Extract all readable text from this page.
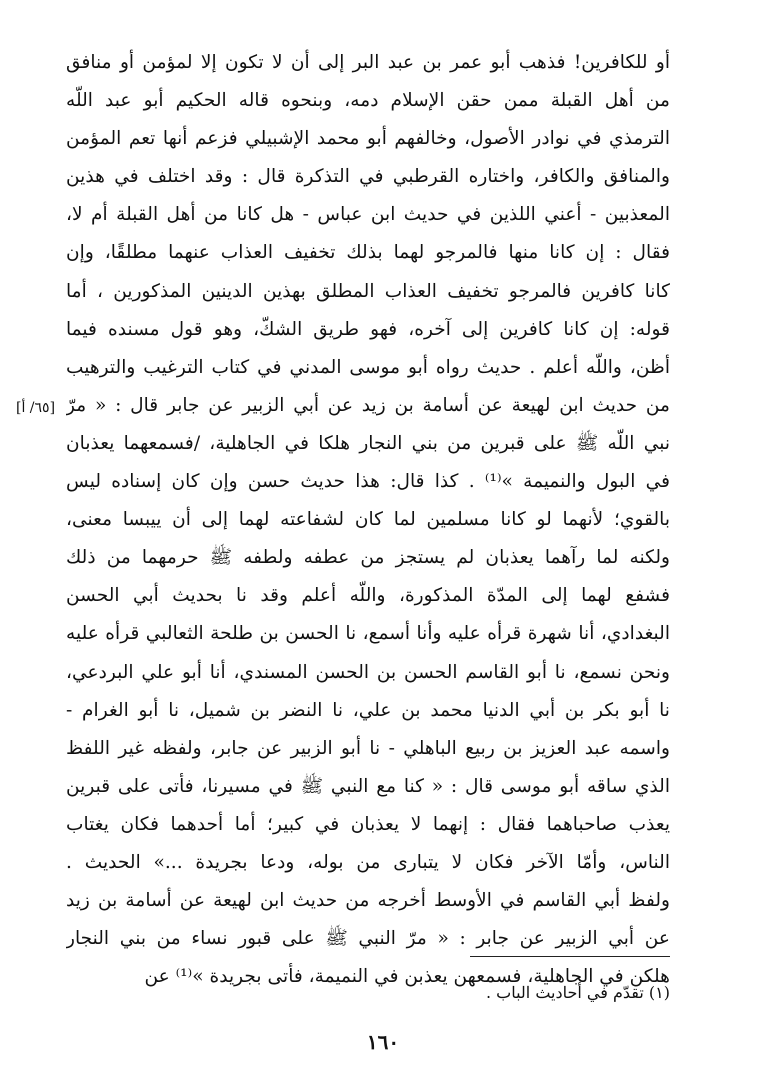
أو للكافرين! فذهب أبو عمر بن عبد البر إلى أن لا تكون إلا لمؤمن أو منافق
من أهل القبلة ممن حقن الإسلام دمه، وبنحوه قاله الحكيم أبو عبد اللّه
الترمذي في نوادر الأصول، وخالفهم أبو محمد الإشبيلي فزعم أنها تعم المؤمن
والمنافق والكافر، واختاره القرطبي في التذكرة قال : وقد اختلف في هذين
المعذبين - أعني اللذين في حديث ابن عباس - هل كانا من أهل القبلة أم لا،
فقال : إن كانا منها فالمرجو لهما بذلك تخفيف العذاب عنهما مطلقًا، وإن
كانا كافرين فالمرجو تخفيف العذاب المطلق بهذين الدينين المذكورين ، أما
قوله: إن كانا كافرين إلى آخره، فهو طريق الشكّ، وهو قول مسنده فيما
أظن، واللّه أعلم . حديث رواه أبو موسى المدني في كتاب الترغيب والترهيب
من حديث ابن لهيعة عن أسامة بن زيد عن أبي الزبير عن جابر قال : « مرّ
نبي اللّه ﷺ على قبرين من بني النجار هلكا في الجاهلية، /فسمعهما يعذبان
في البول والنميمة »⁽¹⁾ . كذا قال: هذا حديث حسن وإن كان إسناده ليس
بالقوي؛ لأنهما لو كانا مسلمين لما كان لشفاعته لهما إلى أن ييبسا معنى،
ولكنه لما رآهما يعذبان لم يستجز من عطفه ولطفه ﷺ حرمهما من ذلك
فشفع لهما إلى المدّة المذكورة، واللّه أعلم وقد نا بحديث أبي الحسن
البغدادي، أنا شهرة قرأه عليه وأنا أسمع، نا الحسن بن طلحة الثعالبي قرأه عليه
ونحن نسمع، نا أبو القاسم الحسن بن الحسن المسندي، أنا أبو علي البردعي،
نا أبو بكر بن أبي الدنيا محمد بن علي، نا النضر بن شميل، نا أبو الغرام -
واسمه عبد العزيز بن ربيع الباهلي - نا أبو الزبير عن جابر، ولفظه غير اللفظ
الذي ساقه أبو موسى قال : « كنا مع النبي ﷺ في مسيرنا، فأتى على قبرين
يعذب صاحباهما فقال : إنهما لا يعذبان في كبير؛ أما أحدهما فكان يغتاب
الناس، وأمّا الآخر فكان لا يتبارى من بوله، ودعا بجريدة ...» الحديث .
ولفظ أبي القاسم في الأوسط أخرجه من حديث ابن لهيعة عن أسامة بن زيد
عن أبي الزبير عن جابر : « مرّ النبي ﷺ على قبور نساء من بني النجار
هلكن في الجاهلية، فسمعهن يعذبن في النميمة، فأتى بجريدة »⁽¹⁾ عن
[٦٥/ أ]
(١) تقدّم في أحاديث الباب .
١٦٠
